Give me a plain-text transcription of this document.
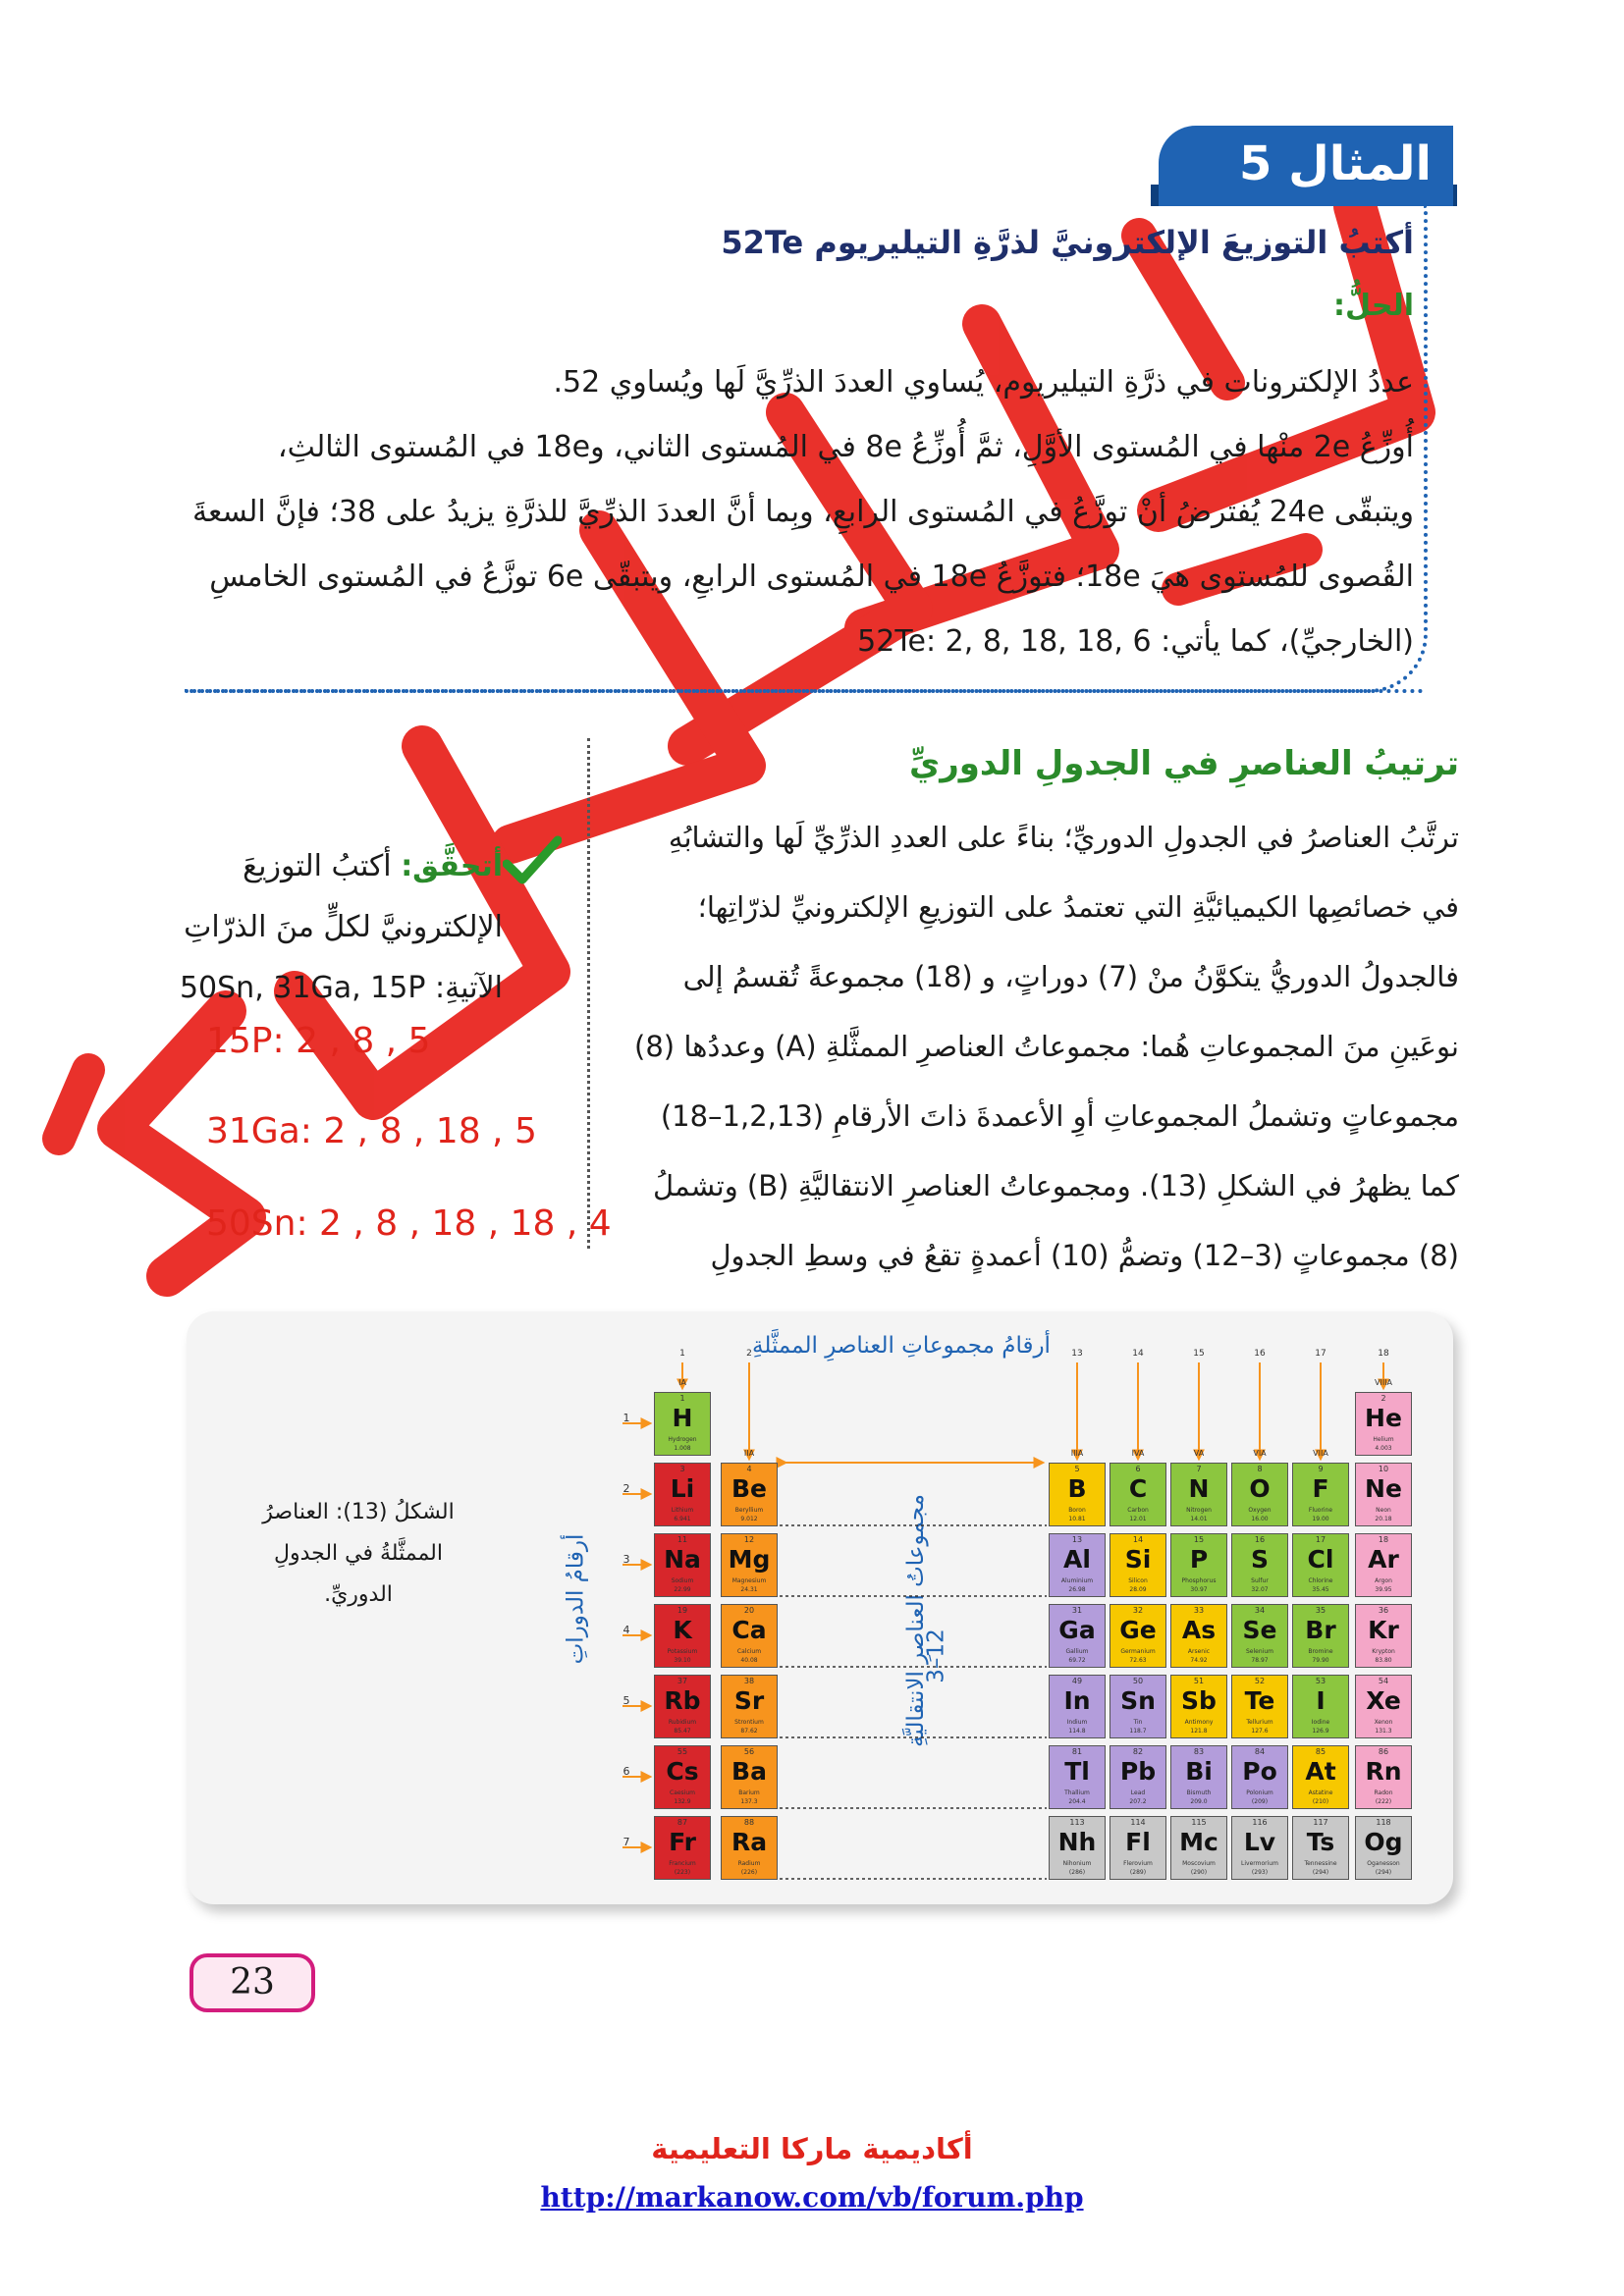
المثال 5
أكتبُ التوزيعَ الإلكترونيَّ لذرَّةِ التيليريوم 52Te
الحلُّ:
عددُ الإلكترونات في ذرَّةِ التيليريوم، يُساوي العددَ الذرِّيَّ لَها ويُساوي 52.
أُوزِّعُ 2e منْها في المُستوى الأوَّلِ، ثمَّ أُوزِّعُ 8e في المُستوى الثاني، و18e في المُستوى الثالثِ،
ويتبقّى 24e يُفترضُ أنْ توزَّعُ في المُستوى الرابعِ، وبِما أنَّ العددَ الذرِّيَّ للذرَّةِ يزيدُ على 38؛ فإنَّ السعةَ
القُصوى للمُستوى هيَ 18e؛ فتوزَّعُ 18e في المُستوى الرابعِ، ويتبقّى 6e توزَّعُ في المُستوى الخامسِ
(الخارجيِّ)، كما يأتي: 52Te: 2, 8, 18, 18, 6
ترتيبُ العناصرِ في الجدولِ الدوريِّ
ترتَّبُ العناصرُ في الجدولِ الدوريِّ؛ بناءً على العددِ الذرِّيِّ لَها والتشابُهِ
في خصائصِها الكيميائيَّةِ التي تعتمدُ على التوزيعِ الإلكترونيِّ لذرّاتِها؛
فالجدولُ الدوريُّ يتكوَّنُ منْ (7) دوراتٍ، و (18) مجموعةً تُقسمُ إلى
نوعَينِ منَ المجموعاتِ هُما: مجموعاتُ العناصرِ الممثَّلةِ (A) وعددُها (8)
مجموعاتٍ وتشملُ المجموعاتِ أوِ الأعمدةَ ذاتَ الأرقامِ (1,2,13–18)
كما يظهرُ في الشكلِ (13). ومجموعاتُ العناصرِ الانتقاليَّةِ (B) وتشملُ
(8) مجموعاتٍ (3–12) وتضمُّ (10) أعمدةٍ تقعُ في وسطِ الجدولِ
أتحقَّق: أكتبُ التوزيعَ
الإلكترونيَّ لكلٍّ منَ الذرّاتِ
الآتيةِ: 50Sn, 31Ga, 15P
15P: 2 , 8 , 5
31Ga: 2 , 8 , 18 , 5
50Sn: 2 , 8 , 18 , 18 , 4
الشكلُ (13): العناصرُ الممثَّلةُ في الجدولِ الدوريِّ.
أرقامُ مجموعاتِ العناصرِ الممثَّلةِ
أرقامُ الدوراتِ	مجموعاتُ العناصرِ الانتقاليَّةِ
3–12
1
H
Hydrogen
1.008
2
He
Helium
4.003
3
Li
Lithium
6.941
4
Be
Beryllium
9.012
5
B
Boron
10.81
6
C
Carbon
12.01
7
N
Nitrogen
14.01
8
O
Oxygen
16.00
9
F
Fluorine
19.00
10
Ne
Neon
20.18
11
Na
Sodium
22.99
12
Mg
Magnesium
24.31
13
Al
Aluminium
26.98
14
Si
Silicon
28.09
15
P
Phosphorus
30.97
16
S
Sulfur
32.07
17
Cl
Chlorine
35.45
18
Ar
Argon
39.95
19
K
Potassium
39.10
20
Ca
Calcium
40.08
31
Ga
Gallium
69.72
32
Ge
Germanium
72.63
33
As
Arsenic
74.92
34
Se
Selenium
78.97
35
Br
Bromine
79.90
36
Kr
Krypton
83.80
37
Rb
Rubidium
85.47
38
Sr
Strontium
87.62
49
In
Indium
114.8
50
Sn
Tin
118.7
51
Sb
Antimony
121.8
52
Te
Tellurium
127.6
53
I
Iodine
126.9
54
Xe
Xenon
131.3
55
Cs
Caesium
132.9
56
Ba
Barium
137.3
81
Tl
Thallium
204.4
82
Pb
Lead
207.2
83
Bi
Bismuth
209.0
84
Po
Polonium
(209)
85
At
Astatine
(210)
86
Rn
Radon
(222)
87
Fr
Francium
(223)
88
Ra
Radium
(226)
113
Nh
Nihonium
(286)
114
Fl
Flerovium
(289)
115
Mc
Moscovium
(290)
116
Lv
Livermorium
(293)
117
Ts
Tennessine
(294)
118
Og
Oganesson
(294)
1
IA
2
IIA
13
IIIA
14
IVA
15
VA
16
VIA
17
VIIA
18
VIIIA
1
2
3
4
5
6
7
23
أكاديمية ماركا التعليمية
http://markanow.com/vb/forum.php
